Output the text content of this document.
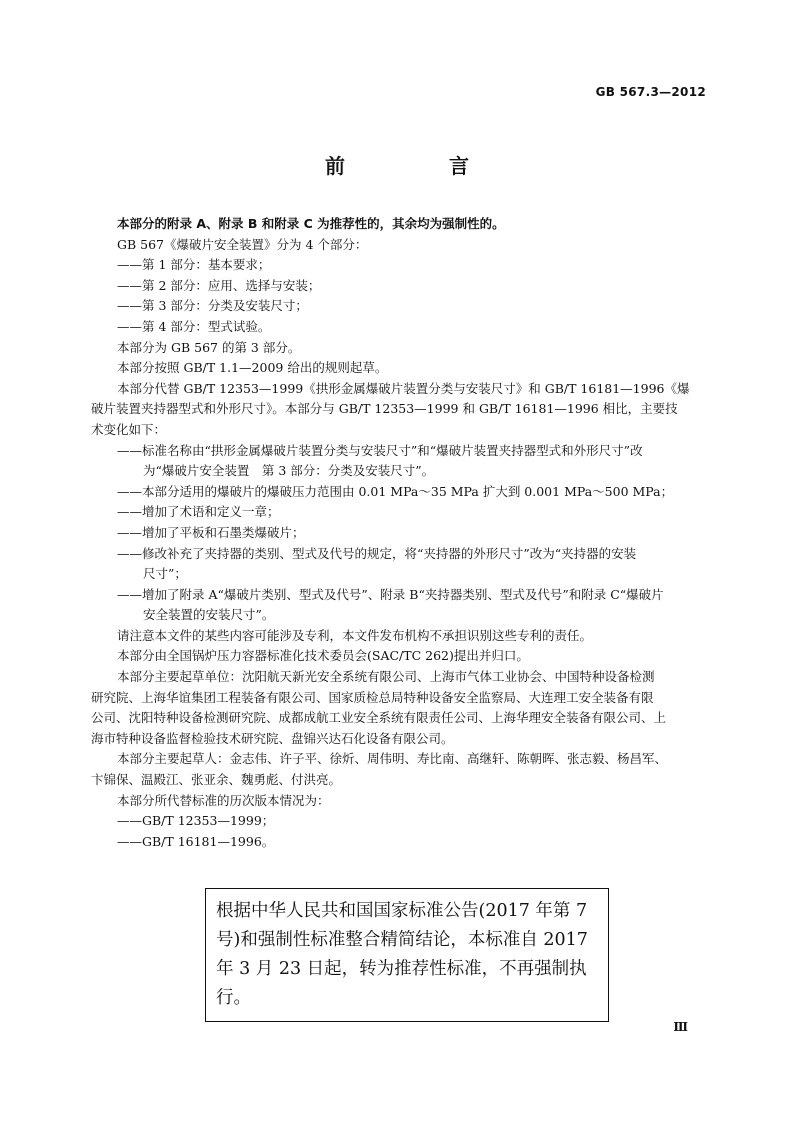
GB 567.3—2012
前　言

本部分的附录 A、附录 B 和附录 C 为推荐性的，其余均为强制性的。

GB 567《爆破片安全装置》分为 4 个部分：

——第 1 部分：基本要求；

——第 2 部分：应用、选择与安装；

——第 3 部分：分类及安装尺寸；

——第 4 部分：型式试验。

本部分为 GB 567 的第 3 部分。

本部分按照 GB/T 1.1—2009 给出的规则起草。

本部分代替 GB/T 12353—1999《拱形金属爆破片装置分类与安装尺寸》和 GB/T 16181—1996《爆

破片装置夹持器型式和外形尺寸》。本部分与 GB/T 12353—1999 和 GB/T 16181—1996 相比，主要技

术变化如下：

——标准名称由“拱形金属爆破片装置分类与安装尺寸”和“爆破片装置夹持器型式和外形尺寸”改

为“爆破片安全装置　第 3 部分：分类及安装尺寸”。

——本部分适用的爆破片的爆破压力范围由 0.01 MPa～35 MPa 扩大到 0.001 MPa～500 MPa；

——增加了术语和定义一章；

——增加了平板和石墨类爆破片；

——修改补充了夹持器的类别、型式及代号的规定，将“夹持器的外形尺寸”改为“夹持器的安装

尺寸”；

——增加了附录 A“爆破片类别、型式及代号”、附录 B“夹持器类别、型式及代号”和附录 C“爆破片

安全装置的安装尺寸”。

请注意本文件的某些内容可能涉及专利，本文件发布机构不承担识别这些专利的责任。

本部分由全国锅炉压力容器标准化技术委员会(SAC/TC 262)提出并归口。

本部分主要起草单位：沈阳航天新光安全系统有限公司、上海市气体工业协会、中国特种设备检测

研究院、上海华谊集团工程装备有限公司、国家质检总局特种设备安全监察局、大连理工安全装备有限

公司、沈阳特种设备检测研究院、成都成航工业安全系统有限责任公司、上海华理安全装备有限公司、上

海市特种设备监督检验技术研究院、盘锦兴达石化设备有限公司。

本部分主要起草人：金志伟、许子平、徐炘、周伟明、寿比南、高继轩、陈朝晖、张志毅、杨昌军、

卞锦保、温殿江、张亚余、魏勇彪、付洪亮。

本部分所代替标准的历次版本情况为：

——GB/T 12353—1999；

——GB/T 16181—1996。

根据中华人民共和国国家标准公告(2017 年第 7
号)和强制性标准整合精简结论，本标准自 2017
年 3 月 23 日起，转为推荐性标准，不再强制执行。
Ⅲ
